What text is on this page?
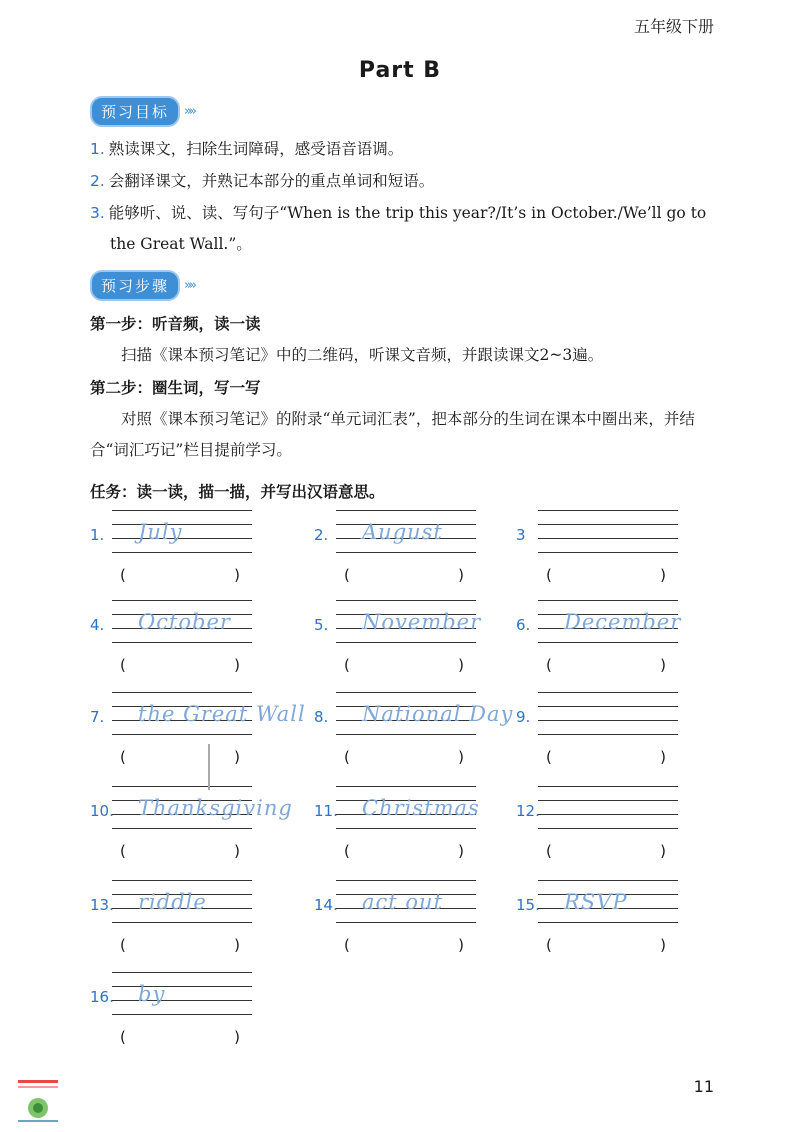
五年级下册
Part B
预习目标	»»
1. 熟读课文，扫除生词障碍，感受语音语调。
2. 会翻译课文，并熟记本部分的重点单词和短语。
3. 能够听、说、读、写句子“When is the trip this year?/It’s in October./We’ll go to
the Great Wall.”。
预习步骤	»»
第一步：听音频，读一读
扫描《课本预习笔记》中的二维码，听课文音频，并跟读课文2~3遍。
第二步：圈生词，写一写
对照《课本预习笔记》的附录“单元词汇表”，把本部分的生词在课本中圈出来，并结合“词汇巧记”栏目提前学习。
任务：读一读，描一描，并写出汉语意思。
1. July
(	)
2. August
(	)
3
(	)
4. October
(	)
5. November
(	)
6. December
(	)
7. the Great Wall
(	)
8. National Day
(	)
9.
(	)
10. Thanksgiving
(	)
11. Christmas
(	)
12.
(	)
13. riddle
(	)
14. act out
(	)
15. RSVP
(	)
16. by
(	)
11
